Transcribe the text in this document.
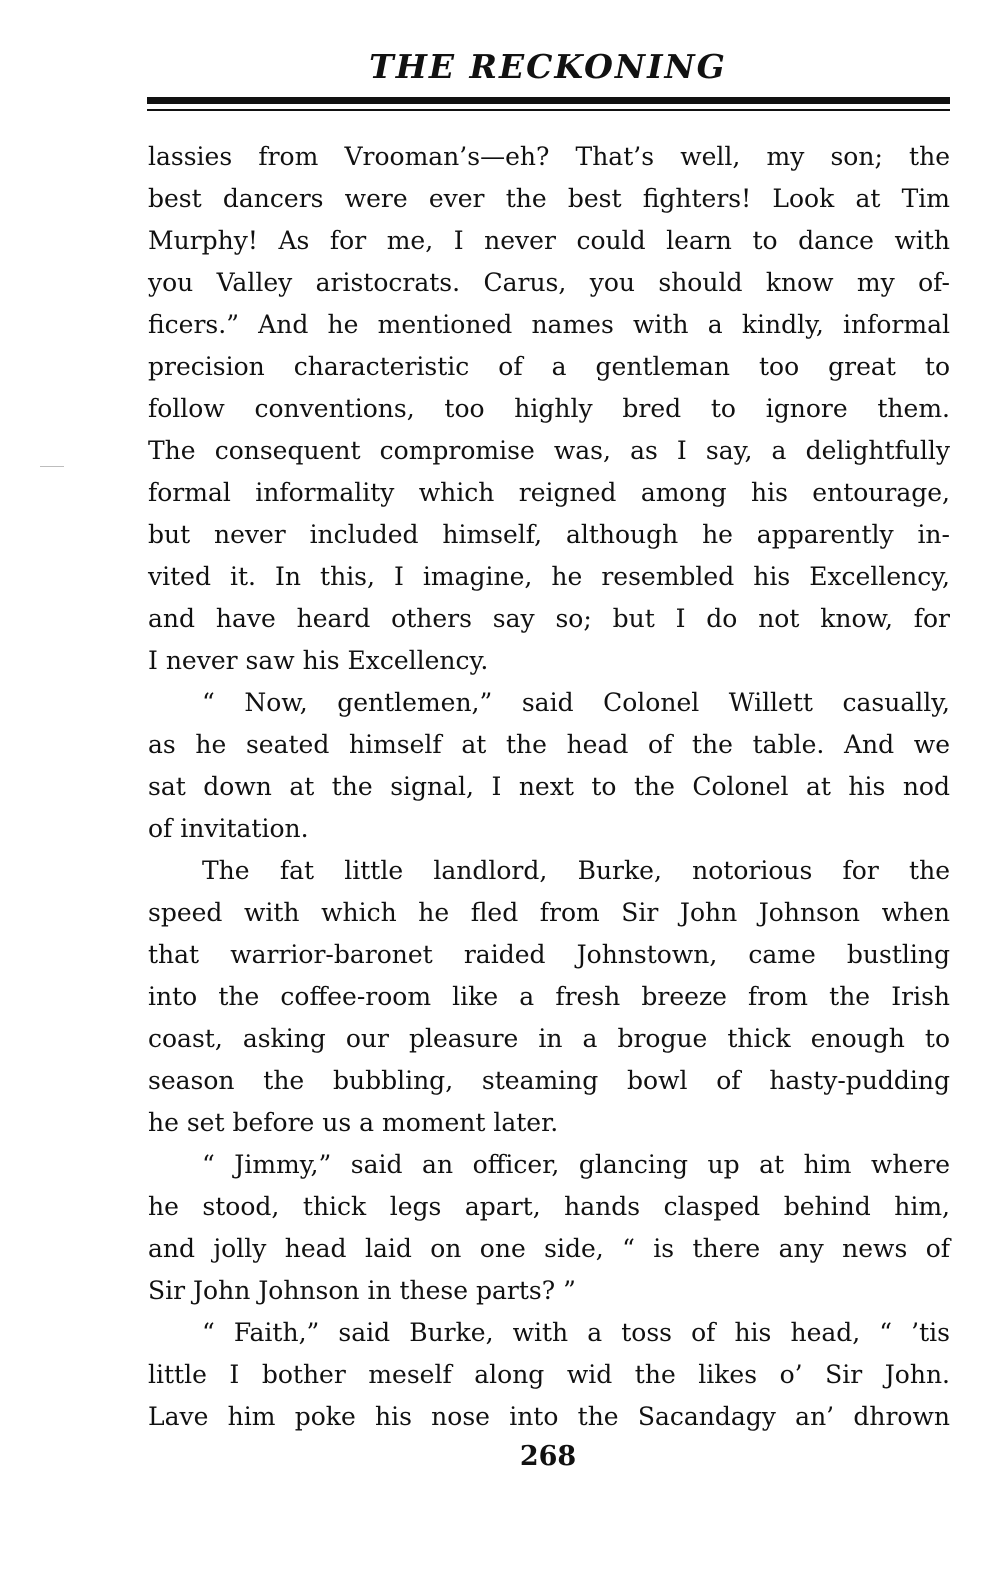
THE RECKONING
lassies from Vrooman’s—eh? That’s well, my son; the
best dancers were ever the best fighters! Look at Tim
Murphy! As for me, I never could learn to dance with
you Valley aristocrats. Carus, you should know my of-
ficers.” And he mentioned names with a kindly, informal
precision characteristic of a gentleman too great to
follow conventions, too highly bred to ignore them.
The consequent compromise was, as I say, a delightfully
formal informality which reigned among his entourage,
but never included himself, although he apparently in-
vited it. In this, I imagine, he resembled his Excellency,
and have heard others say so; but I do not know, for
I never saw his Excellency.
“ Now, gentlemen,” said Colonel Willett casually,
as he seated himself at the head of the table. And we
sat down at the signal, I next to the Colonel at his nod
of invitation.
The fat little landlord, Burke, notorious for the
speed with which he fled from Sir John Johnson when
that warrior-baronet raided Johnstown, came bustling
into the coffee-room like a fresh breeze from the Irish
coast, asking our pleasure in a brogue thick enough to
season the bubbling, steaming bowl of hasty-pudding
he set before us a moment later.
“ Jimmy,” said an officer, glancing up at him where
he stood, thick legs apart, hands clasped behind him,
and jolly head laid on one side, “ is there any news of
Sir John Johnson in these parts? ”
“ Faith,” said Burke, with a toss of his head, “ ’tis
little I bother meself along wid the likes o’ Sir John.
Lave him poke his nose into the Sacandagy an’ dhrown
268
